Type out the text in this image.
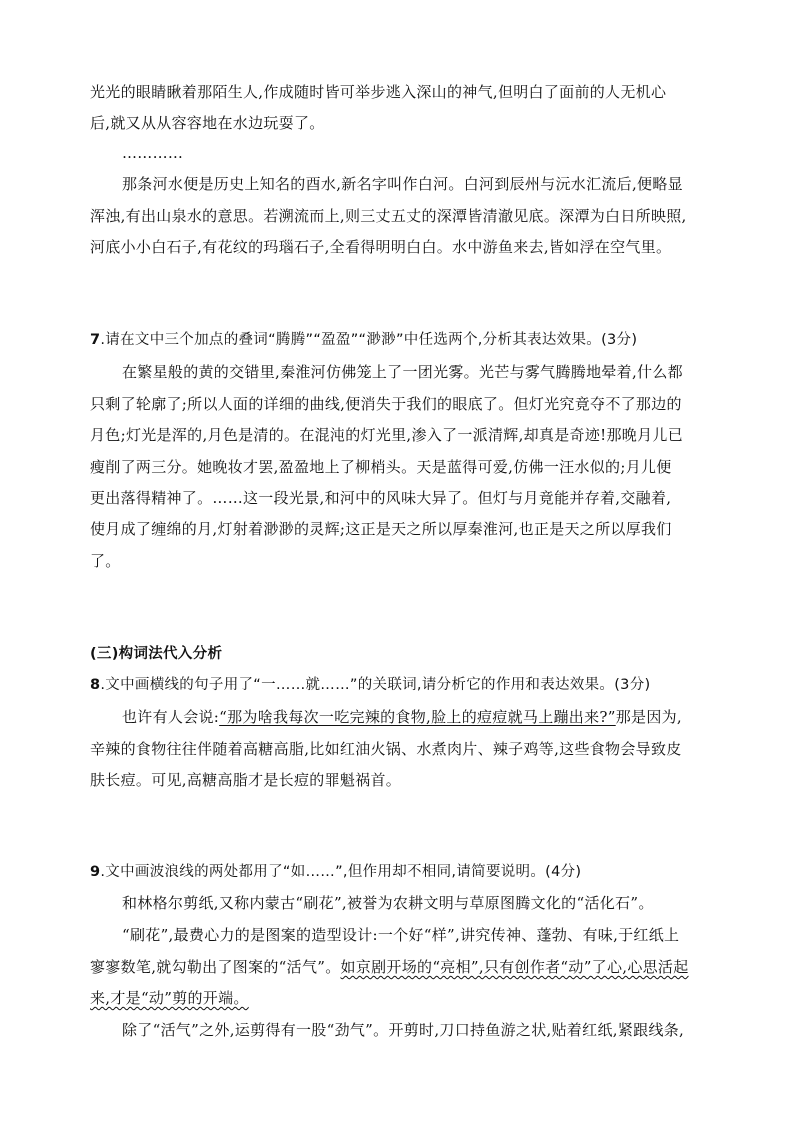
光光的眼睛瞅着那陌生人,作成随时皆可举步逃入深山的神气,但明白了面前的人无机心
后,就又从从容容地在水边玩耍了。
…………
那条河水便是历史上知名的酉水,新名字叫作白河。白河到辰州与沅水汇流后,便略显
浑浊,有出山泉水的意思。若溯流而上,则三丈五丈的深潭皆清澈见底。深潭为白日所映照,
河底小小白石子,有花纹的玛瑙石子,全看得明明白白。水中游鱼来去,皆如浮在空气里。
7.请在文中三个加点的叠词“腾腾”“盈盈”“渺渺”中任选两个,分析其表达效果。(3分)
在繁星般的黄的交错里,秦淮河仿佛笼上了一团光雾。光芒与雾气腾腾地晕着,什么都
只剩了轮廓了;所以人面的详细的曲线,便消失于我们的眼底了。但灯光究竟夺不了那边的
月色;灯光是浑的,月色是清的。在混沌的灯光里,渗入了一派清辉,却真是奇迹!那晚月儿已
瘦削了两三分。她晚妆才罢,盈盈地上了柳梢头。天是蓝得可爱,仿佛一汪水似的;月儿便
更出落得精神了。……这一段光景,和河中的风味大异了。但灯与月竟能并存着,交融着,
使月成了缠绵的月,灯射着渺渺的灵辉;这正是天之所以厚秦淮河,也正是天之所以厚我们
了。
(三)构词法代入分析
8.文中画横线的句子用了“一……就……”的关联词,请分析它的作用和表达效果。(3分)
也许有人会说:“那为啥我每次一吃完辣的食物,脸上的痘痘就马上蹦出来?”那是因为,
辛辣的食物往往伴随着高糖高脂,比如红油火锅、水煮肉片、辣子鸡等,这些食物会导致皮
肤长痘。可见,高糖高脂才是长痘的罪魁祸首。
9.文中画波浪线的两处都用了“如……”,但作用却不相同,请简要说明。(4分)
和林格尔剪纸,又称内蒙古“刷花”,被誉为农耕文明与草原图腾文化的“活化石”。
“刷花”,最费心力的是图案的造型设计:一个好“样”,讲究传神、蓬勃、有味,于红纸上
寥寥数笔,就勾勒出了图案的“活气”。如京剧开场的“亮相”,只有创作者“动”了心,心思活起
来,才是“动”剪的开端。
除了“活气”之外,运剪得有一股“劲气”。开剪时,刀口持鱼游之状,贴着红纸,紧跟线条,
